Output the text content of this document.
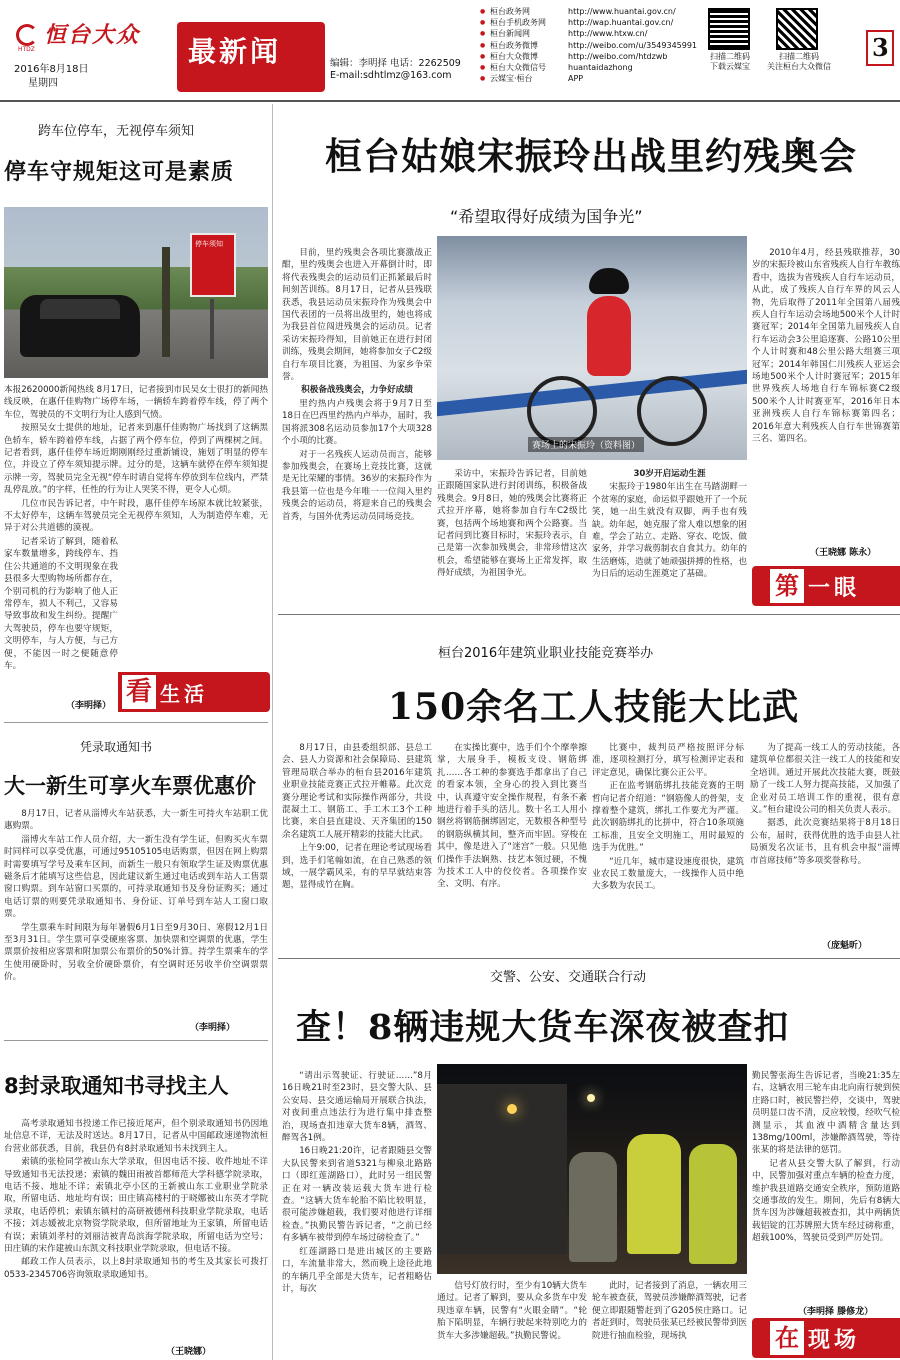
恒台大众
HTDZ
2016年8月18日
星期四
最新闻	编辑：李明择 电话：2262509
E-mail:sdhtlmz@163.com
● 桓台政务网	http://www.huantai.gov.cn/
● 桓台手机政务网	http://wap.huantai.gov.cn/
● 桓台新闻网	http://www.htxw.cn/
● 桓台政务微博	http://weibo.com/u/3549345991
● 桓台大众微博	http://weibo.com/htdzwb
● 桓台大众微信号	huantaidazhong
● 云媒宝·桓台	APP
扫描二维码
下载云媒宝
扫描二维码
关注桓台大众微信
3
跨车位停车，无视停车须知
停车守规矩这可是素质
停车须知

本报2620000新闻热线 8月17日，记者接到市民吴女士很打的新闻热线反映，在惠仟佳购物广场停车场，一辆轿车跨着停车线，停了两个车位，驾驶员的不文明行为让人感到气愤。

按照吴女士提供的地址，记者来到惠仟佳购物广场找到了这辆黑色轿车，轿车跨着停车线，占据了两个停车位，停到了两棵树之间。记者看到，惠仟佳停车场近期刚刚经过重新铺设，施划了明显的停车位，并设立了停车须知提示牌。过分的是，这辆车就停在停车须知提示牌一旁，驾驶员完全无视“停车时请自觉将车停放到车位线内，严禁乱停乱放。”的字样，任性的行为让人哭笑不得，更令人心烦。

几位市民告诉记者，中午时段，惠仟佳停车场原本就比较紧张，不太好停车，这辆车驾驶员完全无视停车须知，人为制造停车难，无异于对公共道德的漠视。

记者采访了解到，随着私家车数量增多，跨线停车、挡住公共通道的不文明现象在我县很多大型购物场所都存在，个别司机的行为影响了他人正常停车，损人不利己，又容易导致事故和发生纠纷。提醒广大驾驶员，停车也要守规矩，文明停车，与人方便，与己方便，不能因一时之便随意停车。

（李明择） 看 生活
凭录取通知书
大一新生可享火车票优惠价

8月17日，记者从淄博火车站获悉，大一新生可持火车站职工优惠购票。

淄博火车站工作人员介绍，大一新生没有学生证，但购买火车票时同样可以享受优惠，可通过95105105电话购票，但因在网上购票时需要填写学号及乘车区间，而新生一般只有领取学生证及购票优惠磁条后才能填写这些信息，因此建议新生通过电话或到车站人工售票窗口购票。到车站窗口买票的，可持录取通知书及身份证购买；通过电话订票的则要凭录取通知书、身份证、订单号到车站人工窗口取票。

学生票乘车时间限为每年暑假6月1日至9月30日、寒假12月1日至3月31日。学生票可享受硬座客票、加快票和空调票的优惠，学生票票价按相应客票和附加票公布票价的50%计算。持学生票乘车的学生使用硬卧时，另收全价硬卧票价，有空调时还另收半价空调票票价。

（李明择）
8封录取通知书寻找主人

高考录取通知书投递工作已接近尾声，但个别录取通知书仍因地址信息不详，无法及时送达。8月17日，记者从中国邮政速递物流桓台营业部获悉，目前，我县仍有8封录取通知书未找到主人。

索镇的张检同学被山东大学录取，但因电话不接、收件地址不详导致通知书无法投递；索镇的魏田雨被首都师范大学科德学院录取，电话不接、地址不详；索镇北亭小区的王新被山东工业职业学院录取，所留电话、地址均有误；田庄镇高楼村的于晓娜被山东英才学院录取，电话停机；索镇东镇村的高研被德州科技职业学院录取，电话不接；刘志媛被北京物资学院录取，但所留地址为王家镇，所留电话有误；索镇刘孝村的刘丽洁被青岛滨海学院录取，所留电话为空号；田庄镇的宋作建被山东凯文科技职业学院录取，但电话不接。

邮政工作人员表示，以上8封录取通知书的考生及其家长可拨打0533-2345706咨询领取录取通知书。

（王晓娜）
桓台姑娘宋振玲出战里约残奥会
“希望取得好成绩为国争光”

目前，里约残奥会各项比赛激战正酣，里约残奥会也进入开幕倒计时，即将代表残奥会的运动员们正抓紧最后时间刻苦训练。8月17日，记者从县残联获悉，我县运动员宋振玲作为残奥会中国代表团的一员将出战里约，她也将成为我县首位闯进残奥会的运动员。记者采访宋振玲得知，目前她正在进行封闭训练，残奥会期间，她将参加女子C2级自行车项目比赛，为祖国、为家乡争荣誉。

积极备战残奥会，力争好成绩

里约热内卢残奥会将于9月7日至18日在巴西里约热内卢举办，届时，我国将派308名运动员参加17个大项328个小项的比赛。

对于一名残疾人运动员而言，能够参加残奥会，在赛场上竞技比赛，这就是无比荣耀的事情。36岁的宋振玲作为我县第一位也是今年唯一一位闯入里约残奥会的运动员，将迎来自己的残奥会首秀，与国外优秀运动员同场竞技。

赛场上的宋振玲（资料图）

采访中，宋振玲告诉记者，目前她正跟随国家队进行封闭训练，积极备战残奥会。9月8日，她的残奥会比赛将正式拉开序幕，她将参加自行车C2级比赛，包括两个场地赛和两个公路赛。当记者问到比赛目标时，宋振玲表示，自己是第一次参加残奥会，非常珍惜这次机会，希望能够在赛场上正常发挥，取得好成绩，为祖国争光。

30岁开启运动生涯

宋振玲于1980年出生在马踏湖畔一个贫寒的家庭，命运似乎跟她开了一个玩笑，她一出生就没有双脚，两手也有残缺。幼年起，她克服了常人难以想象的困难，学会了站立、走路、穿衣、吃饭、做家务，并学习裁剪制衣自食其力。幼年的生活磨炼，造就了她顽强拼搏的性格，也为日后的运动生涯奠定了基础。

2010年4月，经县残联推荐，30岁的宋振玲被山东省残疾人自行车教练看中，选拔为省残疾人自行车运动员，从此，成了残疾人自行车界的风云人物，先后取得了2011年全国第八届残疾人自行车运动会场地500米个人计时赛冠军；2014年全国第九届残疾人自行车运动会3公里追逐赛、公路10公里个人计时赛和48公里公路大组赛三项冠军；2014年韩国仁川残疾人亚运会场地500米个人计时赛冠军；2015年世界残疾人场地自行车锦标赛C2级500米个人计时赛亚军，2016年日本亚洲残疾人自行车锦标赛第四名；2016年意大利残疾人自行车世锦赛第三名、第四名。

（王晓娜 陈永）
第 一眼
桓台2016年建筑业职业技能竞赛举办
150余名工人技能大比武

8月17日，由县委组织部、县总工会、县人力资源和社会保障局、县建筑管理局联合举办的桓台县2016年建筑业职业技能竞赛正式拉开帷幕。此次竞赛分理论考试和实际操作两部分，共设混凝土工、钢筋工、手工木工3个工种比赛，来自县直建设、天齐集团的150余名建筑工人展开精彩的技能大比武。

上午9:00，记者在理论考试现场看到，选手们笔翰如流，在自己熟悉的领域，一展学霸风采，有的早早就结束答题，显得成竹在胸。

在实操比赛中，选手们个个摩拳擦掌，大展身手，模板支设、钢筋绑扎……各工种的参赛选手都拿出了自己的看家本领，全身心的投入到比赛当中，认真遵守安全操作规程，有条不紊地进行着手头的活儿。数十名工人用小钢丝将钢筋捆绑固定，无数根各种型号的钢筋纵横其间，整齐而牢固。穿梭在其中，像是进入了“迷宫”一般。只见他们操作手法娴熟、技艺本领过硬，不愧为技术工人中的佼佼者。各项操作安全、文明、有序。

比赛中，裁判员严格按照评分标准，逐项检测打分，填写检测评定表和评定意见，确保比赛公正公平。

正在监考钢筋绑扎技能竞赛的王明哲向记者介绍道：“钢筋像人的骨架，支撑着整个建筑，绑扎工作要尤为严谨。此次钢筋绑扎的比拼中，符合10条项施工标准，且安全文明施工，用时最短的选手为优胜。”

“近几年，城市建设速度很快，建筑业农民工数量庞大，一线操作人员中绝大多数为农民工。

为了提高一线工人的劳动技能，各建筑单位都很关注一线工人的技能和安全培训。通过开展此次技能大赛，既鼓励了一线工人努力提高技能，又加强了企业对员工培训工作的重视，很有意义。”桓台建设公司的相关负责人表示。

据悉，此次竞赛结果将于8月18日公布，届时，获得优胜的选手由县人社局颁发名次证书，且有机会申报“淄博市首席技师”等多项奖誉称号。

（庞魁昕）
交警、公安、交通联合行动
查！8辆违规大货车深夜被查扣

“请出示驾驶证、行驶证……”8月16日晚21时至23时，县交警大队、县公安局、县交通运输局开展联合执法，对夜间重点违法行为进行集中排查整治，现场查扣违章大货车8辆，酒驾、醉驾各1例。

16日晚21:20许，记者跟随县交警大队民警来到省道S321与柳泉北路路口（即红莲湖路口），此时另一组民警正在对一辆改装运载大货车进行检查。“这辆大货车轮胎不陷比较明显，很可能涉嫌超载，我们要对他进行详细检查。”执勤民警告诉记者，“之前已经有多辆车被带到停车场过磅检查了。”

红莲湖路口是进出城区的主要路口，车流量非常大，然而晚上途径此地的车辆几乎全部是大货车，记者粗略估计，每次	信号灯放行时，至少有10辆大货车通过。记者了解到，要从众多货车中发现违章车辆，民警有“火眼金睛”。“轮胎下陷明显，车辆行驶起来特别吃力的货车大多涉嫌超载。”执勤民警说。

此时，记者接到了消息，一辆农用三轮车被查获，驾驶员涉嫌醉酒驾驶，记者便立即跟随警赶到了G205侯庄路口。记者赶到时，驾驶员张某已经被民警带到医院进行抽血检验，现场执

勤民警张海生告诉记者，当晚21:35左右，这辆农用三轮车由北向南行驶到侯庄路口时，被民警拦停，交谈中，驾驶员明显口齿不清，反应较慢，经吹气检测显示，其血液中酒精含量达到138mg/100ml，涉嫌醉酒驾驶，等待张某的将是法律的惩罚。

记者从县交警大队了解到，行动中，民警加强对重点车辆的检查力度，维护我县道路交通安全秩序，预防道路交通事故的发生。期间，先后有8辆大货车因为涉嫌超载被查扣，其中两辆货载铝锭的江苏牌照大货车经过磅称重，超载100%，驾驶员受到严厉处罚。

（李明择 滕修龙）
在 现场
